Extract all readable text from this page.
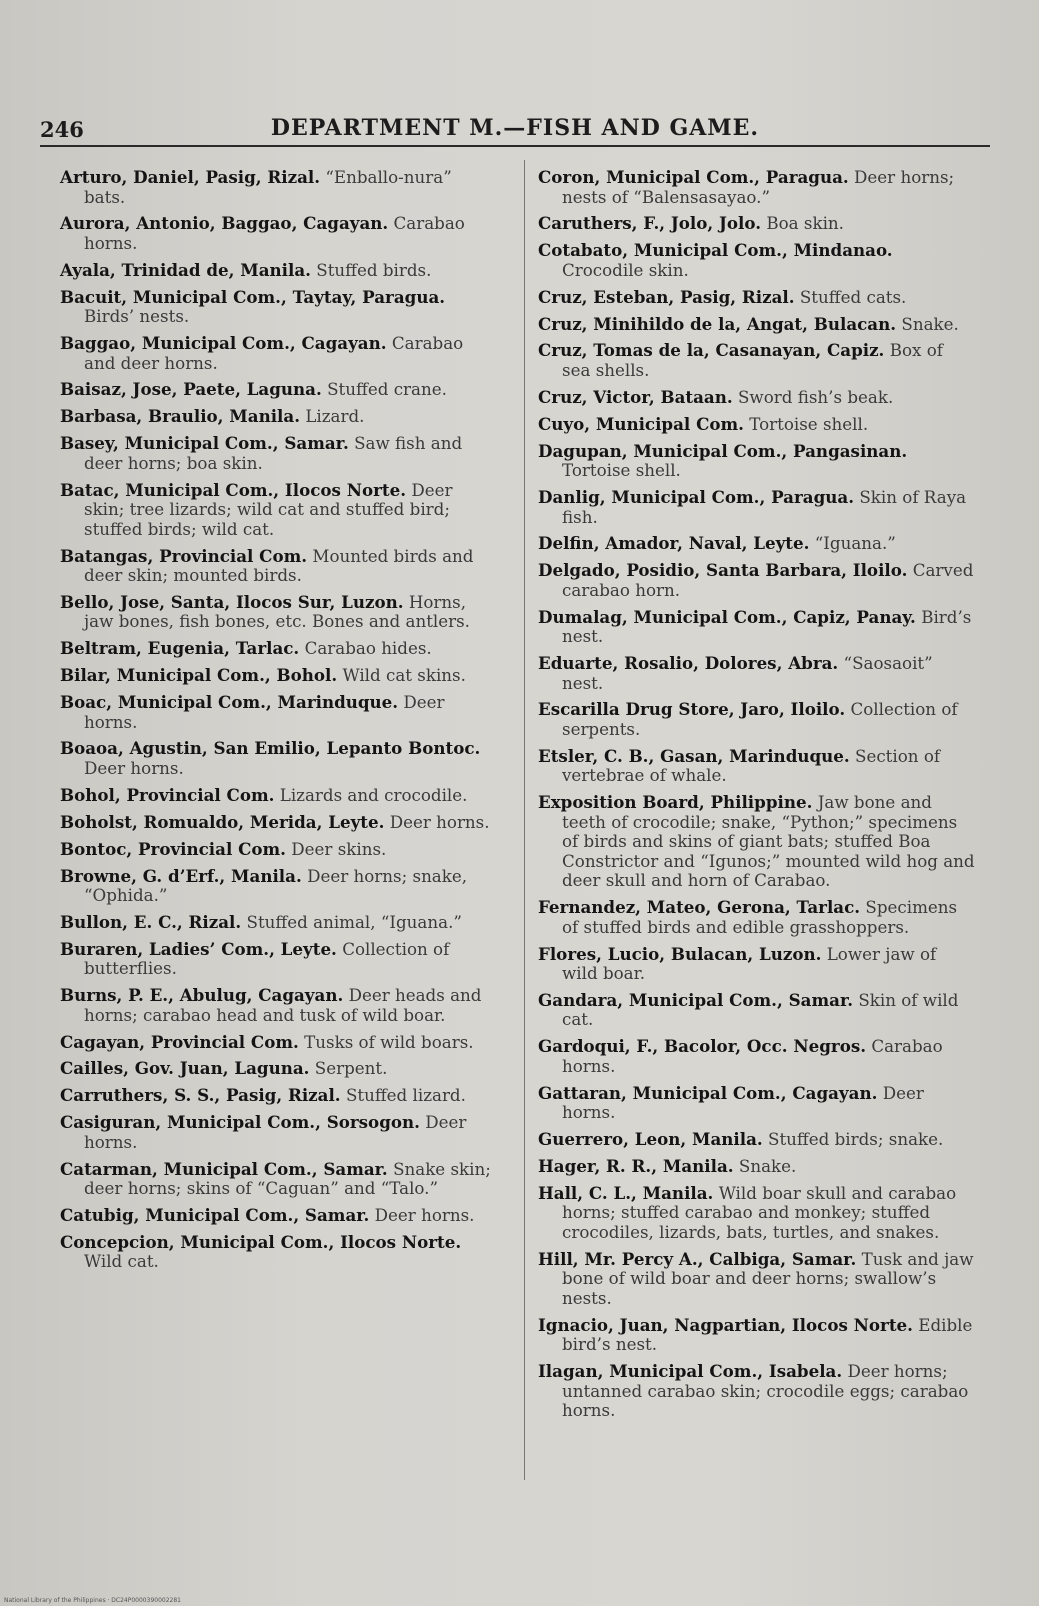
246	DEPARTMENT M.—FISH AND GAME.

Arturo, Daniel, Pasig, Rizal. “Enballo-nura” bats.

Aurora, Antonio, Baggao, Cagayan. Carabao horns.

Ayala, Trinidad de, Manila. Stuffed birds.

Bacuit, Municipal Com., Taytay, Paragua. Birds’ nests.

Baggao, Municipal Com., Cagayan. Carabao and deer horns.

Baisaz, Jose, Paete, Laguna. Stuffed crane.

Barbasa, Braulio, Manila. Lizard.

Basey, Municipal Com., Samar. Saw fish and deer horns; boa skin.

Batac, Municipal Com., Ilocos Norte. Deer skin; tree lizards; wild cat and stuffed bird; stuffed birds; wild cat.

Batangas, Provincial Com. Mounted birds and deer skin; mounted birds.

Bello, Jose, Santa, Ilocos Sur, Luzon. Horns, jaw bones, fish bones, etc. Bones and antlers.

Beltram, Eugenia, Tarlac. Carabao hides.

Bilar, Municipal Com., Bohol. Wild cat skins.

Boac, Municipal Com., Marinduque. Deer horns.

Boaoa, Agustin, San Emilio, Lepanto Bontoc. Deer horns.

Bohol, Provincial Com. Lizards and crocodile.

Boholst, Romualdo, Merida, Leyte. Deer horns.

Bontoc, Provincial Com. Deer skins.

Browne, G. d’Erf., Manila. Deer horns; snake, “Ophida.”

Bullon, E. C., Rizal. Stuffed animal, “Iguana.”

Buraren, Ladies’ Com., Leyte. Collection of butterflies.

Burns, P. E., Abulug, Cagayan. Deer heads and horns; carabao head and tusk of wild boar.

Cagayan, Provincial Com. Tusks of wild boars.

Cailles, Gov. Juan, Laguna. Serpent.

Carruthers, S. S., Pasig, Rizal. Stuffed lizard.

Casiguran, Municipal Com., Sorsogon. Deer horns.

Catarman, Municipal Com., Samar. Snake skin; deer horns; skins of “Caguan” and “Talo.”

Catubig, Municipal Com., Samar. Deer horns.

Concepcion, Municipal Com., Ilocos Norte. Wild cat.

Coron, Municipal Com., Paragua. Deer horns; nests of “Balensasayao.”

Caruthers, F., Jolo, Jolo. Boa skin.

Cotabato, Municipal Com., Mindanao. Crocodile skin.

Cruz, Esteban, Pasig, Rizal. Stuffed cats.

Cruz, Minihildo de la, Angat, Bulacan. Snake.

Cruz, Tomas de la, Casanayan, Capiz. Box of sea shells.

Cruz, Victor, Bataan. Sword fish’s beak.

Cuyo, Municipal Com. Tortoise shell.

Dagupan, Municipal Com., Pangasinan. Tortoise shell.

Danlig, Municipal Com., Paragua. Skin of Raya fish.

Delfin, Amador, Naval, Leyte. “Iguana.”

Delgado, Posidio, Santa Barbara, Iloilo. Carved carabao horn.

Dumalag, Municipal Com., Capiz, Panay. Bird’s nest.

Eduarte, Rosalio, Dolores, Abra. “Saosaoit” nest.

Escarilla Drug Store, Jaro, Iloilo. Collection of serpents.

Etsler, C. B., Gasan, Marinduque. Section of vertebrae of whale.

Exposition Board, Philippine. Jaw bone and teeth of crocodile; snake, “Python;” specimens of birds and skins of giant bats; stuffed Boa Constrictor and “Igunos;” mounted wild hog and deer skull and horn of Carabao.

Fernandez, Mateo, Gerona, Tarlac. Specimens of stuffed birds and edible grasshoppers.

Flores, Lucio, Bulacan, Luzon. Lower jaw of wild boar.

Gandara, Municipal Com., Samar. Skin of wild cat.

Gardoqui, F., Bacolor, Occ. Negros. Carabao horns.

Gattaran, Municipal Com., Cagayan. Deer horns.

Guerrero, Leon, Manila. Stuffed birds; snake.

Hager, R. R., Manila. Snake.

Hall, C. L., Manila. Wild boar skull and carabao horns; stuffed carabao and monkey; stuffed crocodiles, lizards, bats, turtles, and snakes.

Hill, Mr. Percy A., Calbiga, Samar. Tusk and jaw bone of wild boar and deer horns; swallow’s nests.

Ignacio, Juan, Nagpartian, Ilocos Norte. Edible bird’s nest.

Ilagan, Municipal Com., Isabela. Deer horns; untanned carabao skin; crocodile eggs; carabao horns.

National Library of the Philippines · DC24P0000390002281
